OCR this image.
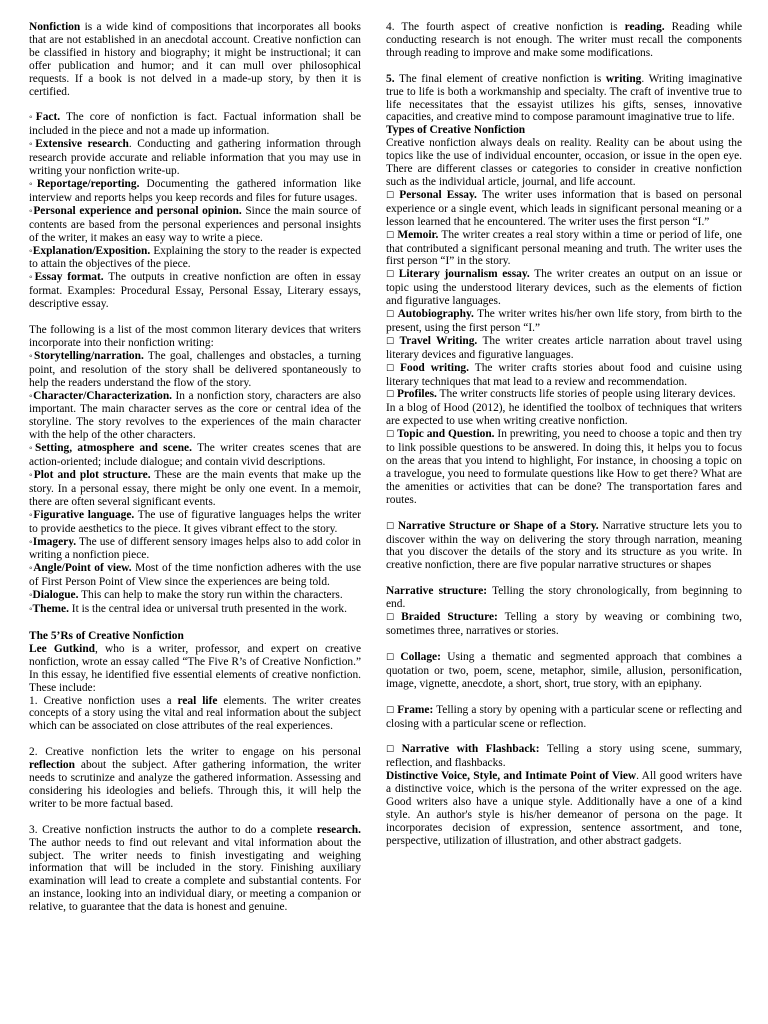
Nonfiction is a wide kind of compositions that incorporates all books that are not established in an anecdotal account. Creative nonfiction can be classified in history and biography; it might be instructional; it can offer publication and humor; and it can mull over philosophical requests. If a book is not delved in a made-up story, by then it is certified.

◦Fact. The core of nonfiction is fact. Factual information shall be included in the piece and not a made up information.

◦Extensive research. Conducting and gathering information through research provide accurate and reliable information that you may use in writing your nonfiction write-up.

◦Reportage/reporting. Documenting the gathered information like interview and reports helps you keep records and files for future usages.

◦Personal experience and personal opinion. Since the main source of contents are based from the personal experiences and personal insights of the writer, it makes an easy way to write a piece.

◦Explanation/Exposition. Explaining the story to the reader is expected to attain the objectives of the piece.

◦Essay format. The outputs in creative nonfiction are often in essay format. Examples: Procedural Essay, Personal Essay, Literary essays, descriptive essay.

The following is a list of the most common literary devices that writers incorporate into their nonfiction writing:

◦Storytelling/narration. The goal, challenges and obstacles, a turning point, and resolution of the story shall be delivered spontaneously to help the readers understand the flow of the story.

◦Character/Characterization. In a nonfiction story, characters are also important. The main character serves as the core or central idea of the storyline. The story revolves to the experiences of the main character with the help of the other characters.

◦Setting, atmosphere and scene. The writer creates scenes that are action-oriented; include dialogue; and contain vivid descriptions.

◦Plot and plot structure. These are the main events that make up the story. In a personal essay, there might be only one event. In a memoir, there are often several significant events.

◦Figurative language. The use of figurative languages helps the writer to provide aesthetics to the piece. It gives vibrant effect to the story.

◦Imagery. The use of different sensory images helps also to add color in writing a nonfiction piece.

◦Angle/Point of view. Most of the time nonfiction adheres with the use of First Person Point of View since the experiences are being told.

◦Dialogue. This can help to make the story run within the characters.

◦Theme. It is the central idea or universal truth presented in the work.

The 5’Rs of Creative Nonfiction

Lee Gutkind, who is a writer, professor, and expert on creative nonfiction, wrote an essay called “The Five R’s of Creative Nonfiction.” In this essay, he identified five essential elements of creative nonfiction. These include:

1. Creative nonfiction uses a real life elements. The writer creates concepts of a story using the vital and real information about the subject which can be associated on close attributes of the real experiences.

2. Creative nonfiction lets the writer to engage on his personal reflection about the subject. After gathering information, the writer needs to scrutinize and analyze the gathered information. Assessing and considering his ideologies and beliefs. Through this, it will help the writer to be more factual based.

3. Creative nonfiction instructs the author to do a complete research. The author needs to find out relevant and vital information about the subject. The writer needs to finish investigating and weighing information that will be included in the story. Finishing auxiliary examination will lead to create a complete and substantial contents. For an instance, looking into an individual diary, or meeting a companion or relative, to guarantee that the data is honest and genuine.

4. The fourth aspect of creative nonfiction is reading. Reading while conducting research is not enough. The writer must recall the components through reading to improve and make some modifications.

5. The final element of creative nonfiction is writing. Writing imaginative true to life is both a workmanship and specialty. The craft of inventive true to life necessitates that the essayist utilizes his gifts, senses, innovative capacities, and creative mind to compose paramount imaginative true to life.

Types of Creative Nonfiction

Creative nonfiction always deals on reality. Reality can be about using the topics like the use of individual encounter, occasion, or issue in the open eye. There are different classes or categories to consider in creative nonfiction such as the individual article, journal, and life account.

☐ Personal Essay. The writer uses information that is based on personal experience or a single event, which leads in significant personal meaning or a lesson learned that he encountered. The writer uses the first person “I.”

☐ Memoir. The writer creates a real story within a time or period of life, one that contributed a significant personal meaning and truth. The writer uses the first person “I” in the story.

☐ Literary journalism essay. The writer creates an output on an issue or topic using the understood literary devices, such as the elements of fiction and figurative languages.

☐ Autobiography. The writer writes his/her own life story, from birth to the present, using the first person “I.”

☐ Travel Writing. The writer creates article narration about travel using literary devices and figurative languages.

☐ Food writing. The writer crafts stories about food and cuisine using literary techniques that mat lead to a review and recommendation.

☐ Profiles. The writer constructs life stories of people using literary devices.

In a blog of Hood (2012), he identified the toolbox of techniques that writers are expected to use when writing creative nonfiction.

☐ Topic and Question. In prewriting, you need to choose a topic and then try to link possible questions to be answered. In doing this, it helps you to focus on the areas that you intend to highlight, For instance, in choosing a topic on a travelogue, you need to formulate questions like How to get there? What are the amenities or activities that can be done? The transportation fares and routes.

☐ Narrative Structure or Shape of a Story. Narrative structure lets you to discover within the way on delivering the story through narration, meaning that you discover the details of the story and its structure as you write. In creative nonfiction, there are five popular narrative structures or shapes

Narrative structure: Telling the story chronologically, from beginning to end.

☐ Braided Structure: Telling a story by weaving or combining two, sometimes three, narratives or stories.

☐ Collage: Using a thematic and segmented approach that combines a quotation or two, poem, scene, metaphor, simile, allusion, personification, image, vignette, anecdote, a short, short, true story, with an epiphany.

☐ Frame: Telling a story by opening with a particular scene or reflecting and closing with a particular scene or reflection.

☐ Narrative with Flashback: Telling a story using scene, summary, reflection, and flashbacks.

Distinctive Voice, Style, and Intimate Point of View. All good writers have a distinctive voice, which is the persona of the writer expressed on the age. Good writers also have a unique style. Additionally have a one of a kind style. An author's style is his/her demeanor of persona on the page. It incorporates decision of expression, sentence assortment, and tone, perspective, utilization of illustration, and other abstract gadgets.
